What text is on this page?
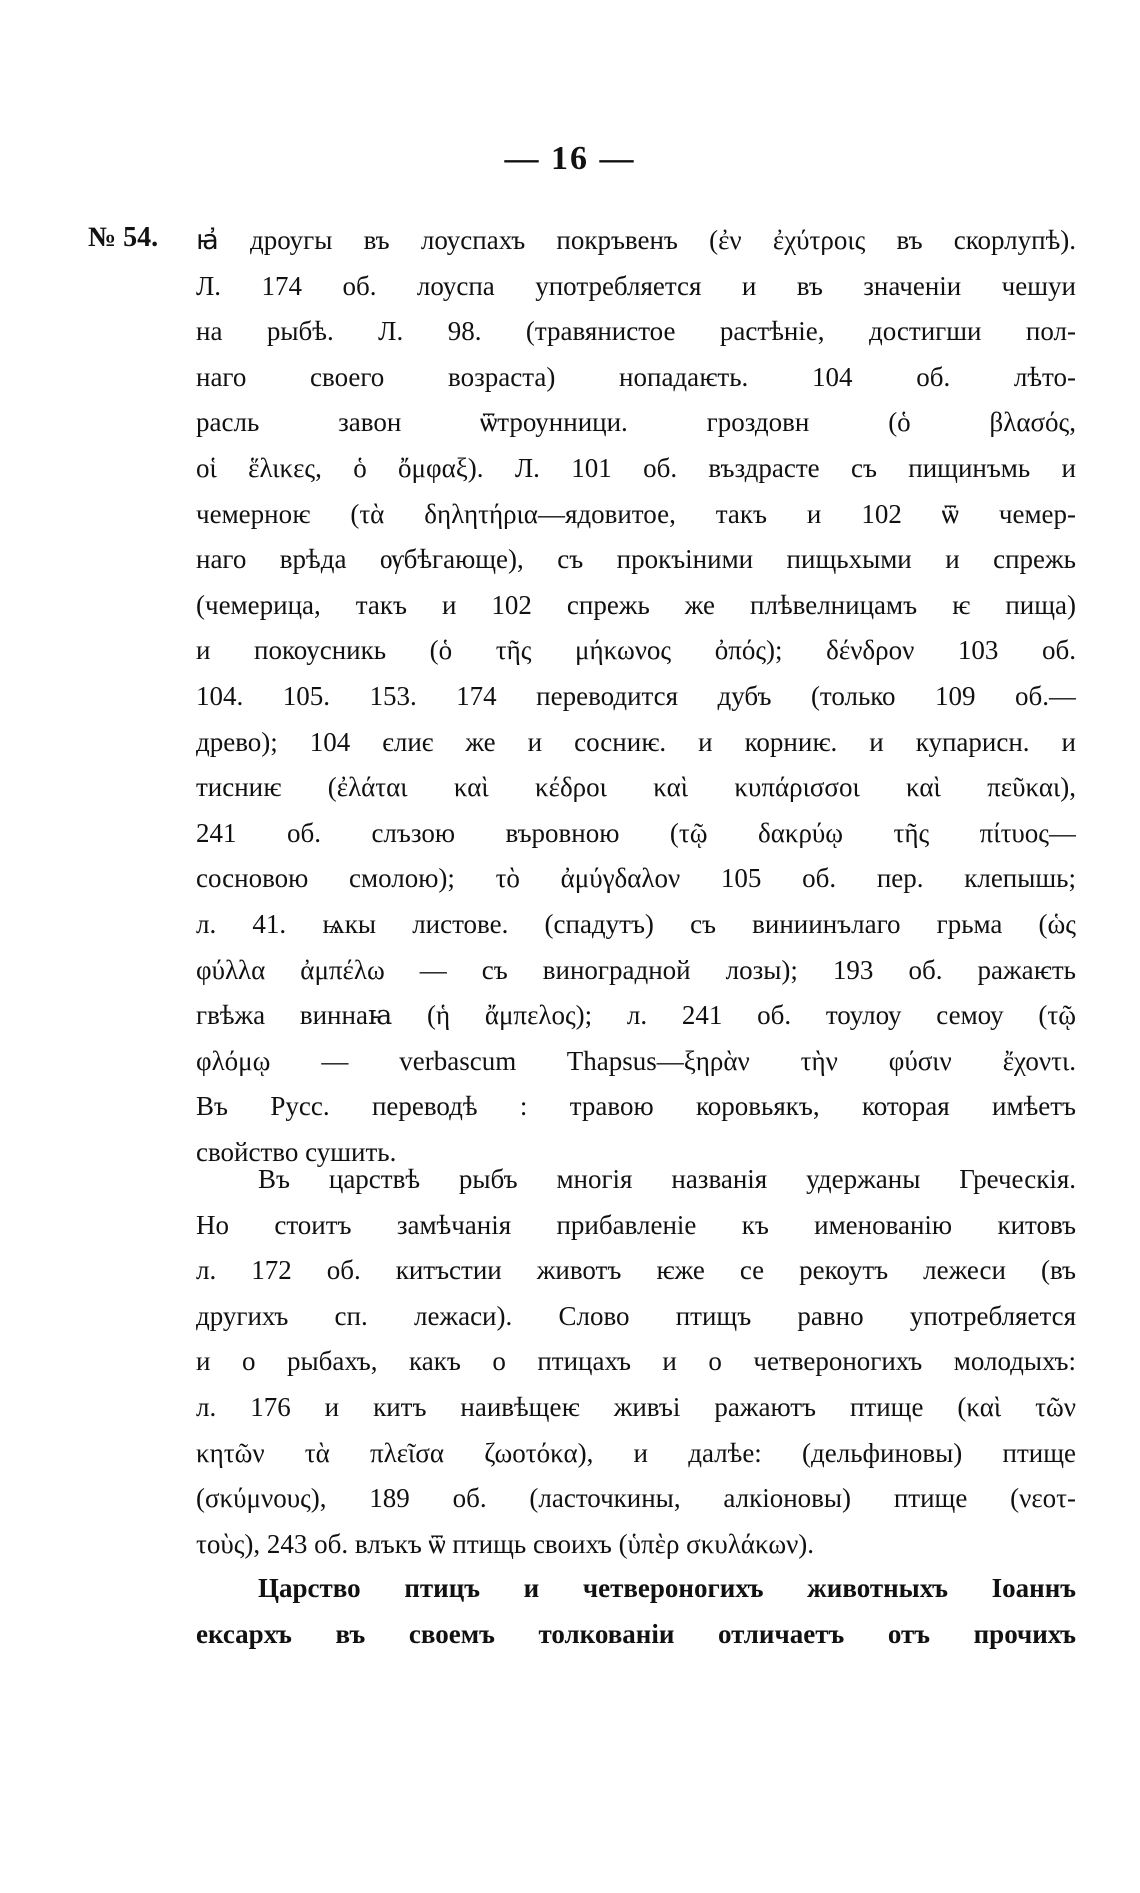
— 16 —
№ 54. ꙗ҆ дроугы въ лоуспахъ покръвенъ (ἐν ἐχύτροις въ скорлупѣ).
Л. 174 об. лоуспа употребляется и въ значеніи чешуи
на рыбѣ. Л. 98. (травянистое растѣніе, достигши пол-
наго своего возраста) нопадаѥть. 104 об. лѣто-
расль завон ѿтроунници. гроздовн (ὁ βλασός,
οἱ ἕλικες, ὁ ὄμφαξ). Л. 101 об. въздрасте съ пищинъмь и
чемерноѥ (τὰ δηλητήρια—ядовитое, такъ и 102 ѿ чемер-
наго врѣда ѹбѣгающе), съ прокъіними пищьхыми и спрежь
(чемерица, такъ и 102 спрежь же плѣвелницамъ ѥ пища)
и покоусникь (ὁ τῆς μήκωνος ὀπός); δένδρον 103 об.
104. 105. 153. 174 переводится дубъ (только 109 об.—
древо); 104 єлиє же и сосниѥ. и корниѥ. и купарисн. и
тисниѥ (ἐλάται καὶ κέδροι καὶ κυπάρισσοι καὶ πεῦκαι),
241 об. слъзою въровною (τῷ δακρύῳ τῆς πίτυος—
сосновою смолою); τὸ ἀμύγδαλον 105 об. пер. клепышь;
л. 41. ѩкы листове. (спадутъ) съ виниинълаго грьма (ὡς
φύλλα ἀμπέλω — съ виноградной лозы); 193 об. ражаѥть
гвѣжа виннаꙗ (ἡ ἄμπελος); л. 241 об. тоулоу семоу (τῷ
φλόμῳ — verbascum Thapsus—ξηρὰν τὴν φύσιν ἔχοντι.
Въ Русс. переводѣ : травою коровьякъ, которая имѣетъ
свойство сушить.
Въ царствѣ рыбъ многія названія удержаны Греческія.
Но стоитъ замѣчанія прибавленіе къ именованію китовъ
л. 172 об. китъстии животъ ѥже се рекоутъ лежеси (въ
другихъ сп. лежаси). Слово птищъ равно употребляется
и о рыбахъ, какъ о птицахъ и о четвероногихъ молодыхъ:
л. 176 и китъ наивѣщеѥ живъі ражаютъ птище (καὶ τῶν
κητῶν τὰ πλεῖσα ζωοτόκα), и далѣе: (дельфиновы) птище
(σκύμνους), 189 об. (ласточкины, алкіоновы) птище (νεοτ-
τοὺς), 243 об. влъкъ ѿ птищь своихъ (ὑπὲρ σκυλάκων).
Царство птицъ и четвероногихъ животныхъ Іоаннъ
ексархъ въ своемъ толкованіи отличаетъ отъ прочихъ
